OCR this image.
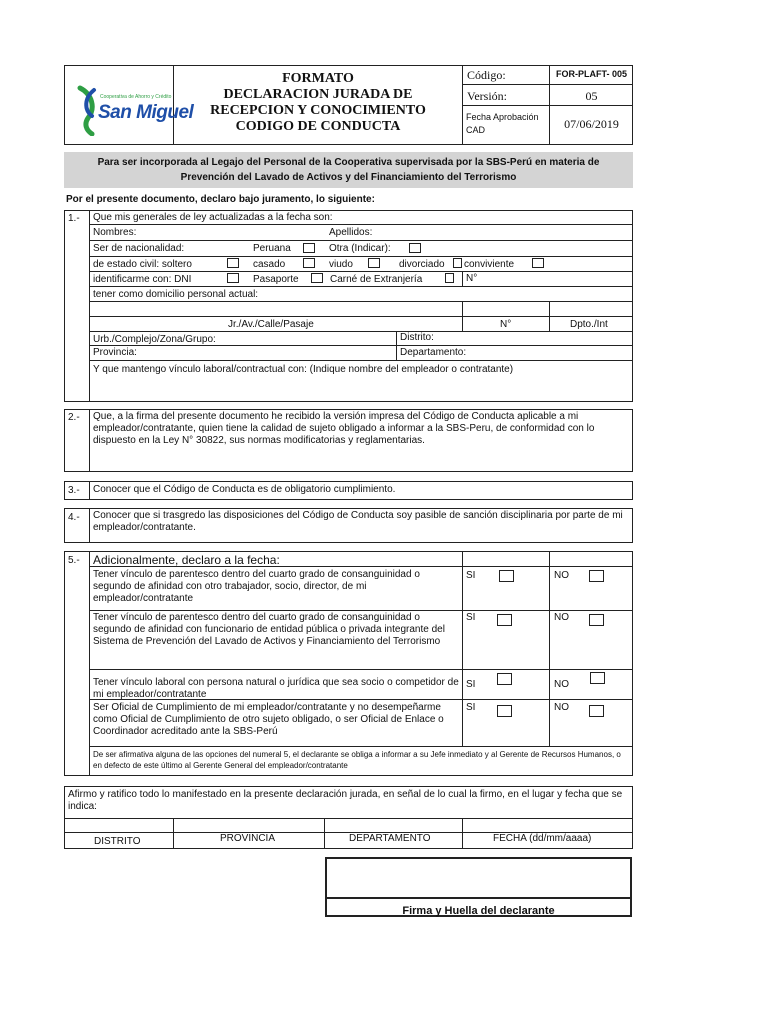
Cooperativa de Ahorro y Crédito
San Miguel
FORMATO
DECLARACION JURADA DE
RECEPCION Y CONOCIMIENTO
CODIGO DE CONDUCTA
Código:	FOR-PLAFT- 005
Versión:	05
Fecha Aprobación
CAD	07/06/2019
Para ser incorporada al Legajo del Personal de la Cooperativa supervisada por la SBS-Perú en materia de
Prevención del Lavado de Activos y del Financiamiento del Terrorismo
Por el presente documento, declaro bajo juramento, lo siguiente:
1.- Que mis generales de ley actualizadas a la fecha son:
Nombres:	Apellidos:
Ser de nacionalidad:	Peruana	Otra (Indicar):
de estado civil: soltero	casado	viudo	divorciado conviviente
identificarme con: DNI	Pasaporte	Carné de Extranjería	N°
tener como domicilio personal actual:
Jr./Av./Calle/Pasaje	N°	Dpto./Int
Urb./Complejo/Zona/Grupo:	Distrito:
Provincia:	Departamento:
Y que mantengo vínculo laboral/contractual con: (Indique nombre del empleador o contratante)
2.- Que, a la firma del presente documento he recibido la versión impresa del Código de Conducta aplicable a mi empleador/contratante, quien tiene la calidad de sujeto obligado a informar a la SBS-Peru, de conformidad con lo dispuesto en la Ley N° 30822, sus normas modificatorias y reglamentarias.
3.- Conocer que el Código de Conducta es de obligatorio cumplimiento.
4.- Conocer que si trasgredo las disposiciones del Código de Conducta soy pasible de sanción disciplinaria por parte de mi empleador/contratante.
5.- Adicionalmente, declaro a la fecha:
Tener vínculo de parentesco dentro del cuarto grado de consanguinidad o segundo de afinidad con otro trabajador, socio, director, de mi empleador/contratante
SI	NO
Tener vínculo de parentesco dentro del cuarto grado de consanguinidad o segundo de afinidad con funcionario de entidad pública o privada integrante del Sistema de Prevención del Lavado de Activos y Financiamiento del Terrorismo
SI	NO
Tener vínculo laboral con persona natural o jurídica que sea socio o competidor de mi empleador/contratante
SI	NO
Ser Oficial de Cumplimiento de mi empleador/contratante y no desempeñarme como Oficial de Cumplimiento de otro sujeto obligado, o ser Oficial de Enlace o Coordinador acreditado ante la SBS-Perú
SI	NO
De ser afirmativa alguna de las opciones del numeral 5, el declarante se obliga a informar a su Jefe inmediato y al Gerente de Recursos Humanos, o en defecto de este último al Gerente General del empleador/contratante
Afirmo y ratifico todo lo manifestado en la presente declaración jurada, en señal de lo cual la firmo, en el lugar y fecha que se indica:
DISTRITO	PROVINCIA	DEPARTAMENTO	FECHA (dd/mm/aaaa)
Firma y Huella del declarante
